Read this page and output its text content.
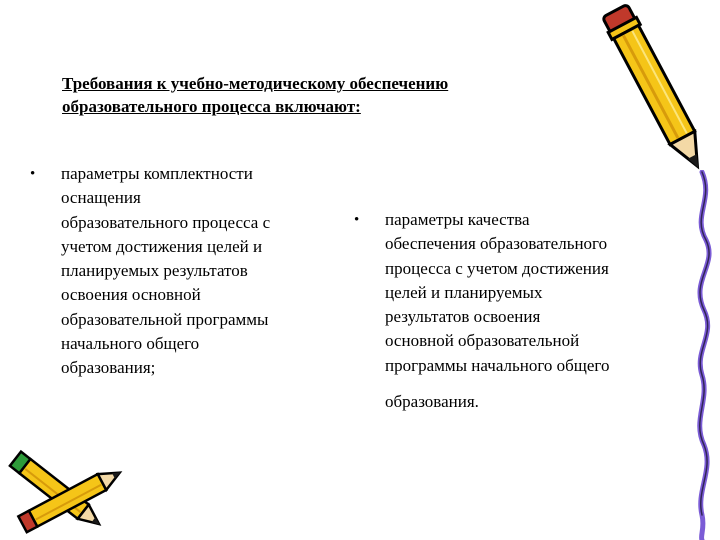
Требования к учебно-методическому обеспечению
образовательного процесса включают:
•	параметры комплектности
оснащения
образовательного процесса с
учетом достижения целей и
планируемых результатов
освоения основной
образовательной программы
начального общего
образования;
•	параметры качества
обеспечения образовательного
процесса с учетом достижения
целей и планируемых
результатов освоения
основной образовательной
программы начального общего
образования.
